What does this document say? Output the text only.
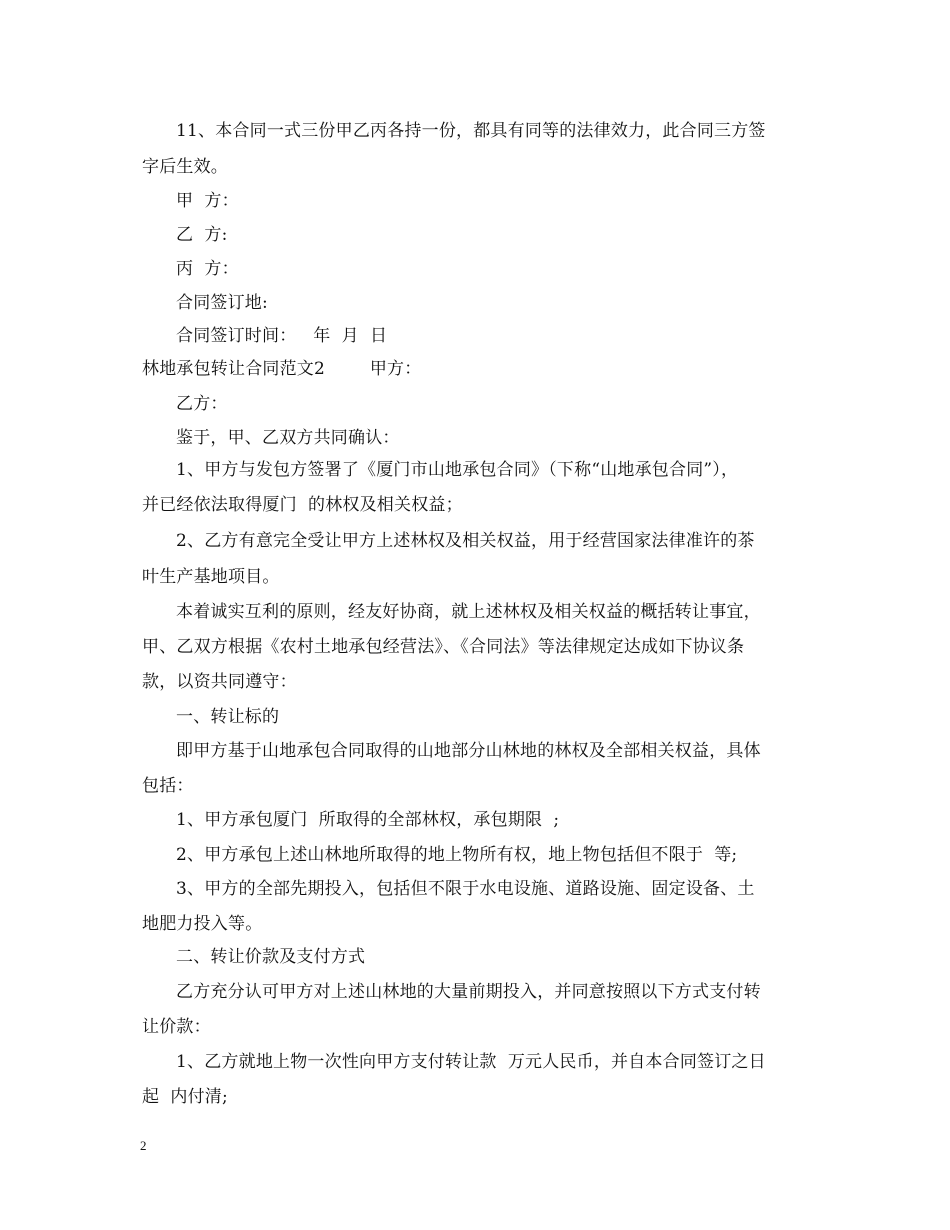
11、本合同一式三份甲乙丙各持一份，都具有同等的法律效力，此合同三方签
字后生效。
甲  方：
乙  方:
丙  方：
合同签订地:
合同签订时间：   年  月  日
林地承包转让合同范文2        甲方：
乙方：
鉴于，甲、乙双方共同确认：
1、甲方与发包方签署了《厦门市山地承包合同》（下称“山地承包合同”），
并已经依法取得厦门  的林权及相关权益；
2、乙方有意完全受让甲方上述林权及相关权益，用于经营国家法律准许的茶
叶生产基地项目。
本着诚实互利的原则，经友好协商，就上述林权及相关权益的概括转让事宜，
甲、乙双方根据《农村土地承包经营法》、《合同法》等法律规定达成如下协议条
款，以资共同遵守：
一、转让标的
即甲方基于山地承包合同取得的山地部分山林地的林权及全部相关权益，具体
包括：
1、甲方承包厦门  所取得的全部林权，承包期限  ;
2、甲方承包上述山林地所取得的地上物所有权，地上物包括但不限于  等;
3、甲方的全部先期投入，包括但不限于水电设施、道路设施、固定设备、土
地肥力投入等。
二、转让价款及支付方式
乙方充分认可甲方对上述山林地的大量前期投入，并同意按照以下方式支付转
让价款：
1、乙方就地上物一次性向甲方支付转让款  万元人民币，并自本合同签订之日
起  内付清;
2
